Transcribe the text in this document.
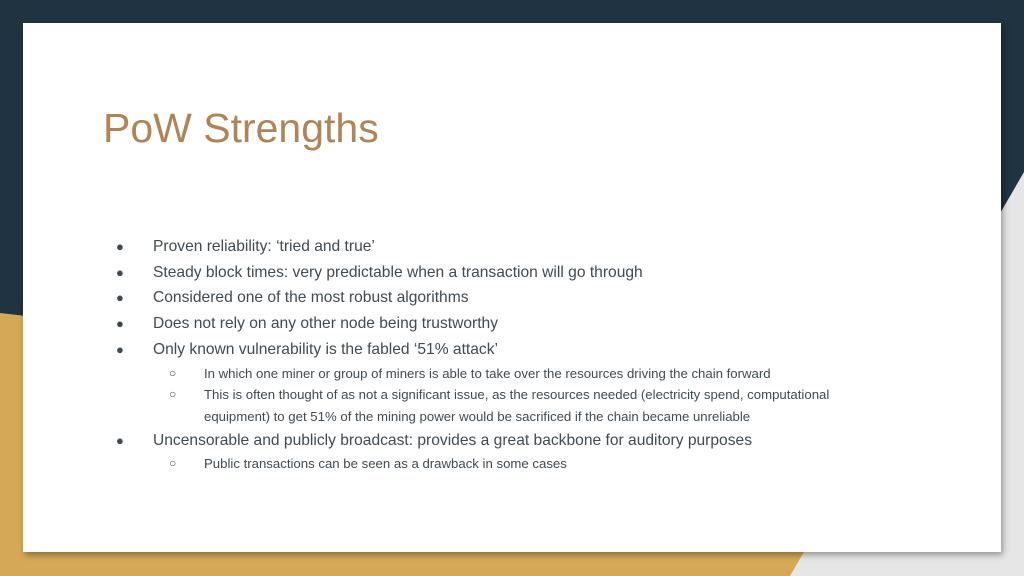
PoW Strengths
● Proven reliability: ‘tried and true’
● Steady block times: very predictable when a transaction will go through
● Considered one of the most robust algorithms
● Does not rely on any other node being trustworthy
● Only known vulnerability is the fabled ‘51% attack’
○ In which one miner or group of miners is able to take over the resources driving the chain forward
○ This is often thought of as not a significant issue, as the resources needed (electricity spend, computational equipment) to get 51% of the mining power would be sacrificed if the chain became unreliable
● Uncensorable and publicly broadcast: provides a great backbone for auditory purposes
○ Public transactions can be seen as a drawback in some cases
